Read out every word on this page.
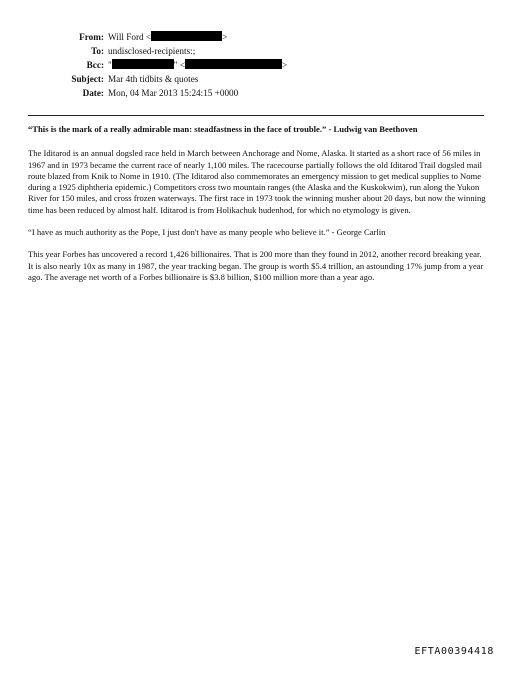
From: Will Ford <	>
To: undisclosed-recipients:;
Bcc: "	" <	>
Subject: Mar 4th tidbits & quotes
Date: Mon, 04 Mar 2013 15:24:15 +0000

“This is the mark of a really admirable man: steadfastness in the face of trouble.” - Ludwig van Beethoven

The Iditarod is an annual dogsled race held in March between Anchorage and Nome, Alaska. It started as a short race of 56 miles in 1967 and in 1973 became the current race of nearly 1,100 miles. The racecourse partially follows the old Iditarod Trail dogsled mail route blazed from Knik to Nome in 1910. (The Iditarod also commemorates an emergency mission to get medical supplies to Nome during a 1925 diphtheria epidemic.) Competitors cross two mountain ranges (the Alaska and the Kuskokwim), run along the Yukon River for 150 miles, and cross frozen waterways. The first race in 1973 took the winning musher about 20 days, but now the winning time has been reduced by almost half. Iditarod is from Holikachuk hudenhod, for which no etymology is given.

“I have as much authority as the Pope, I just don't have as many people who believe it.” - George Carlin

This year Forbes has uncovered a record 1,426 billionaires. That is 200 more than they found in 2012, another record breaking year. It is also nearly 10x as many in 1987, the year tracking began. The group is worth $5.4 trillion, an astounding 17% jump from a year ago. The average net worth of a Forbes billionaire is $3.8 billion, $100 million more than a year ago.

EFTA00394418
